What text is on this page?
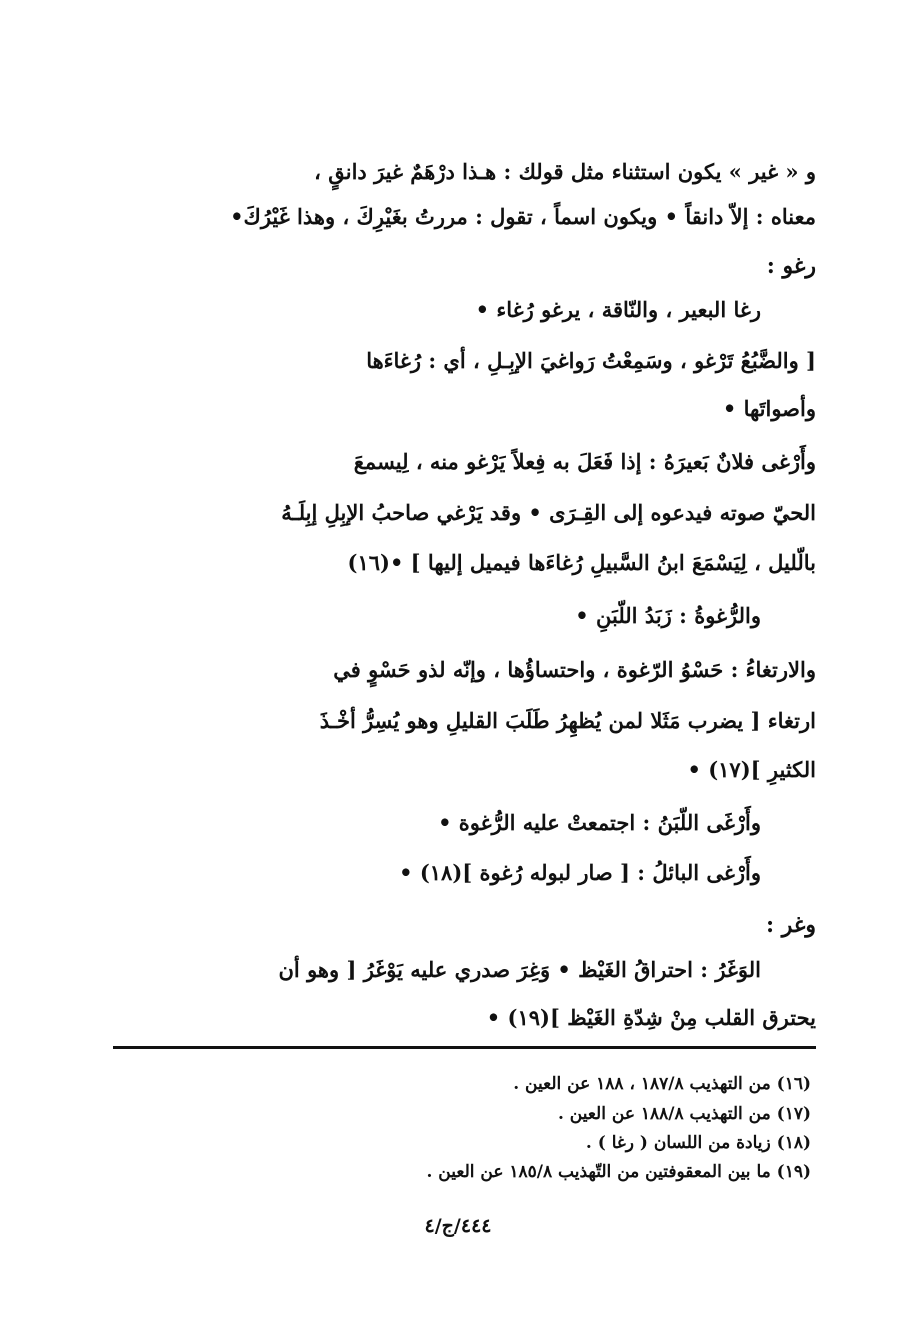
و « غير » يكون استثناء مثل قولك : هـذا درْهَمٌ غيرَ دانقٍ ،
معناه : إلاّ دانقاً • ويكون اسماً ، تقول : مررتُ بغَيْرِكَ ، وهذا غَيْرُكَ•
رغو :
رغا البعير ، والنّاقة ، يرغو رُغاء •
[ والضَّبُعُ تَرْغو ، وسَمِعْتُ رَواغيَ الإبِـلِ ، أي : رُغاءَها
وأصواتَها •
وأَرْغى فلانٌ بَعيرَهُ : إذا فَعَلَ به فِعلاً يَرْغو منه ، لِيسمعَ
الحيّ صوته فيدعوه إلى القِـرَى • وقد يَرْغي صاحبُ الإبِلِ إبِلَـهُ
بالّليل ، لِيَسْمَعَ ابنُ السَّبيلِ رُغاءَها فيميل إليها ] •(١٦)
والرُّغوةُ : زَبَدُ اللّبَنِ •
والارتغاءُ : حَسْوُ الرّغوة ، واحتساؤُها ، وإنّه لذو حَسْوٍ في
ارتغاء [ يضرب مَثَلا لمن يُظهِرُ طَلَبَ القليلِ وهو يُسِرُّ أخْـذَ
الكثيرِ ](١٧) •
وأَرْغَى اللّبَنُ : اجتمعتْ عليه الرُّغوة •
وأَرْغى البائلُ : [ صار لبوله رُغوة ](١٨) •
وغر :
الوَغَرُ : احتراقُ الغَيْظ • وَغِرَ صدري عليه يَوْغَرُ [ وهو أن
يحترق القلب مِنْ شِدّةِ الغَيْظ ](١٩) •
(١٦) من التهذيب ١٨٧/٨ ، ١٨٨ عن العين .
(١٧) من التهذيب ١٨٨/٨ عن العين .
(١٨) زيادة من اللسان ( رغا ) .
(١٩) ما بين المعقوفتين من التّهذيب ١٨٥/٨ عن العين .
٤٤٤/ج/٤
